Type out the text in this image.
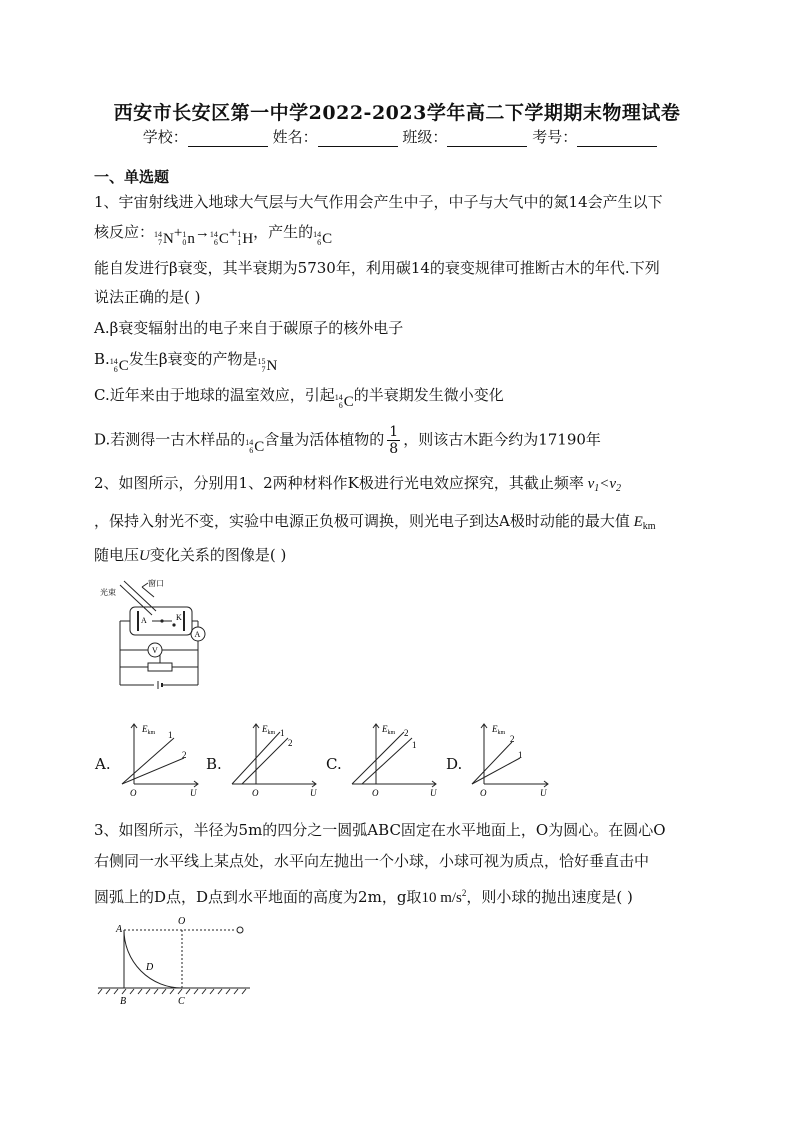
西安市长安区第一中学2022-2023学年高二下学期期末物理试卷
学校：	姓名：	班级：	考号：
一、单选题
1、宇宙射线进入地球大气层与大气作用会产生中子，中子与大气中的氮14会产生以下
核反应： 14
7 N+ 1
0 n→ 14
6 C+ 1
1 H，产生的 14
6 C
能自发进行β衰变，其半衰期为5730年，利用碳14的衰变规律可推断古木的年代.下列
说法正确的是( )
A.β衰变辐射出的电子来自于碳原子的核外电子
B. 14
6 C发生β衰变的产物是 15
7 N
C.近年来由于地球的温室效应，引起 14
6 C的半衰期发生微小变化
D.若测得一古木样品的 14
6 C含量为活体植物的 $\frac{1}{8}$ ，则该古木距今约为17190年
2、如图所示，分别用1、2两种材料作K极进行光电效应探究，其截止频率 $\nu_1<\nu_2$
，保持入射光不变，实验中电源正负极可调换，则光电子到达A极时动能的最大值 $E_{km}$
随电压U变化关系的图像是( )
光束
窗口
A	K
A
V
A.	B.	C.	D.
$E_{km}$ 1
2
O	U
$E_{km}$ 1
2
O	U
$E_{km}$ 2
1
O	U
$E_{km}$
2
1
O	U
3、如图所示，半径为5m的四分之一圆弧ABC固定在水平地面上，O为圆心。在圆心O
右侧同一水平线上某点处，水平向左抛出一个小球，小球可视为质点，恰好垂直击中
圆弧上的D点，D点到水平地面的高度为2m，g取10 $m/s^2$，则小球的抛出速度是( )
A
O
D
B	C
